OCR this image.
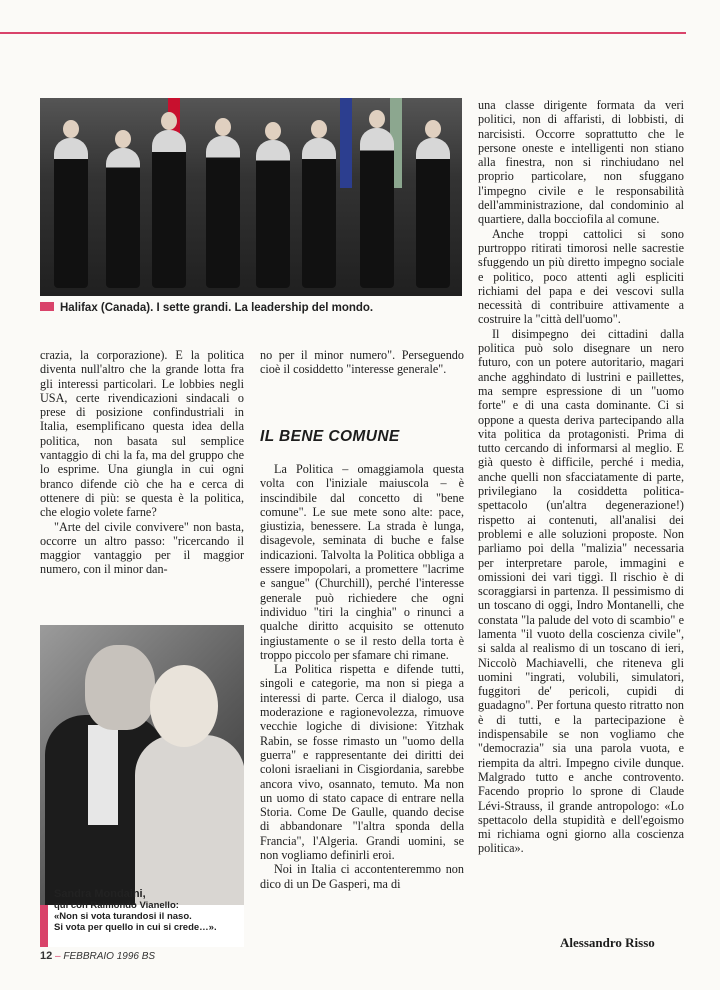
Halifax (Canada). I sette grandi. La leadership del mondo.

crazia, la corporazione). E la politica diventa null'altro che la grande lotta fra gli interessi particolari. Le lobbies negli USA, certe rivendicazioni sindacali o prese di posizione confindustriali in Italia, esemplificano questa idea della politica, non basata sul semplice vantaggio di chi la fa, ma del gruppo che lo esprime. Una giungla in cui ogni branco difende ciò che ha e cerca di ottenere di più: se questa è la politica, che elogio volete farne?

"Arte del civile convivere" non basta, occorre un altro passo: "ricercando il maggior vantaggio per il maggior numero, con il minor dan-

Sandra Mondaini,
qui con Raimondo Vianello:
«Non si vota turandosi il naso.
Si vota per quello in cui si crede…».

no per il minor numero". Perseguendo cioè il cosiddetto "interesse generale".

IL BENE COMUNE

La Politica – omaggiamola questa volta con l'iniziale maiuscola – è inscindibile dal concetto di "bene comune". Le sue mete sono alte: pace, giustizia, benessere. La strada è lunga, disagevole, seminata di buche e false indicazioni. Talvolta la Politica obbliga a essere impopolari, a promettere "lacrime e sangue" (Churchill), perché l'interesse generale può richiedere che ogni individuo "tiri la cinghia" o rinunci a qualche diritto acquisito se ottenuto ingiustamente o se il resto della torta è troppo piccolo per sfamare chi rimane.

La Politica rispetta e difende tutti, singoli e categorie, ma non si piega a interessi di parte. Cerca il dialogo, usa moderazione e ragionevolezza, rimuove vecchie logiche di divisione: Yitzhak Rabin, se fosse rimasto un "uomo della guerra" e rappresentante dei diritti dei coloni israeliani in Cisgiordania, sarebbe ancora vivo, osannato, temuto. Ma non un uomo di stato capace di entrare nella Storia. Come De Gaulle, quando decise di abbandonare "l'altra sponda della Francia", l'Algeria. Grandi uomini, se non vogliamo definirli eroi.

Noi in Italia ci accontenteremmo non dico di un De Gasperi, ma di

una classe dirigente formata da veri politici, non di affaristi, di lobbisti, di narcisisti. Occorre soprattutto che le persone oneste e intelligenti non stiano alla finestra, non si rinchiudano nel proprio particolare, non sfuggano l'impegno civile e le responsabilità dell'amministrazione, dal condominio al quartiere, dalla bocciofila al comune.

Anche troppi cattolici si sono purtroppo ritirati timorosi nelle sacrestie sfuggendo un più diretto impegno sociale e politico, poco attenti agli espliciti richiami del papa e dei vescovi sulla necessità di contribuire attivamente a costruire la "città dell'uomo".

Il disimpegno dei cittadini dalla politica può solo disegnare un nero futuro, con un potere autoritario, magari anche agghindato di lustrini e paillettes, ma sempre espressione di un "uomo forte" e di una casta dominante. Ci si oppone a questa deriva partecipando alla vita politica da protagonisti. Prima di tutto cercando di informarsi al meglio. E già questo è difficile, perché i media, anche quelli non sfacciatamente di parte, privilegiano la cosiddetta politica-spettacolo (un'altra degenerazione!) rispetto ai contenuti, all'analisi dei problemi e alle soluzioni proposte. Non parliamo poi della "malizia" necessaria per interpretare parole, immagini e omissioni dei vari tiggì. Il rischio è di scoraggiarsi in partenza. Il pessimismo di un toscano di oggi, Indro Montanelli, che constata "la palude del voto di scambio" e lamenta "il vuoto della coscienza civile", si salda al realismo di un toscano di ieri, Niccolò Machiavelli, che riteneva gli uomini "ingrati, volubili, simulatori, fuggitori de' pericoli, cupidi di guadagno". Per fortuna questo ritratto non è di tutti, e la partecipazione è indispensabile se non vogliamo che "democrazia" sia una parola vuota, e riempita da altri. Impegno civile dunque. Malgrado tutto e anche controvento. Facendo proprio lo sprone di Claude Lévi-Strauss, il grande antropologo: «Lo spettacolo della stupidità e dell'egoismo mi richiama ogni giorno alla coscienza politica».

Alessandro Risso
12 – FEBBRAIO 1996 BS
